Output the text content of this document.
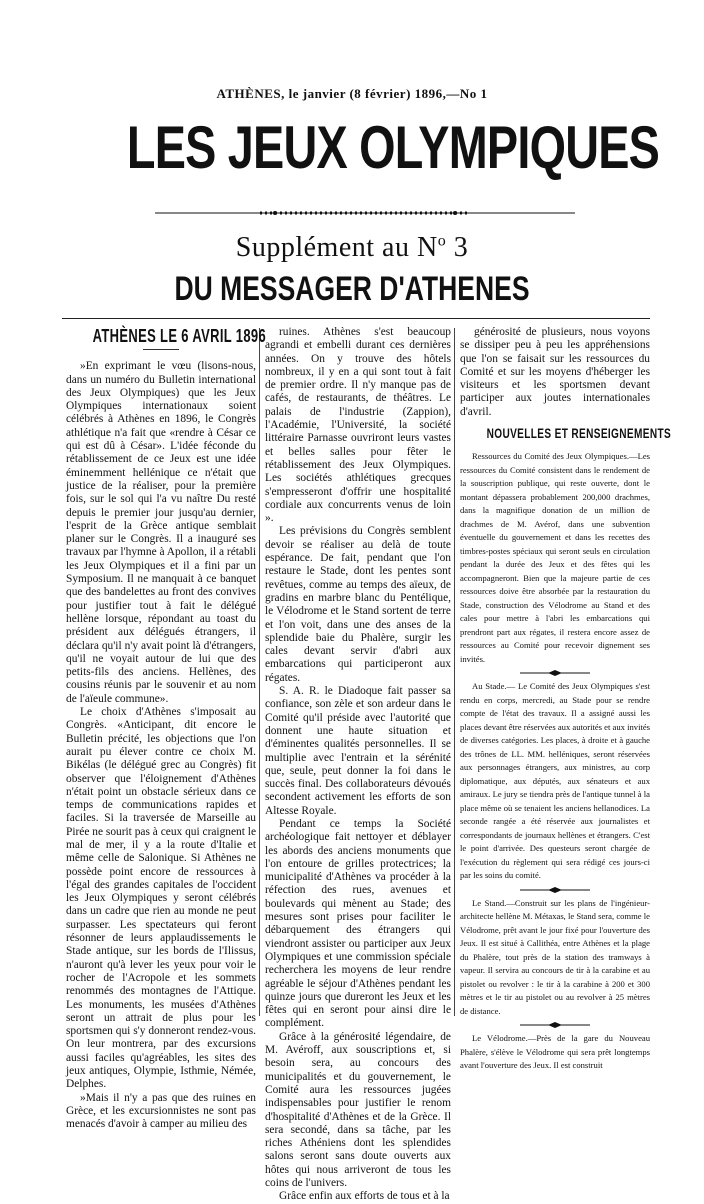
ATHÈNES, le janvier (8 février) 1896,—No 1
LES JEUX OLYMPIQUES
Supplément au $N^o$ 3
DU MESSAGER D'ATHENES
ATHÈNES LE 6 AVRIL 1896

»En exprimant le vœu (lisons-nous, dans un numéro du Bulletin international des Jeux Olympiques) que les Jeux Olympiques internationaux soient célébrés à Athènes en 1896, le Congrès athlétique n'a fait que «rendre à César ce qui est dû à César». L'idée féconde du rétablissement de ce Jeux est une idée éminemment hellénique ce n'était que justice de la réaliser, pour la première fois, sur le sol qui l'a vu naître Du resté depuis le premier jour jusqu'au dernier, l'esprit de la Grèce antique semblait planer sur le Congrès. Il a inauguré ses travaux par l'hymne à Apollon, il a rétabli les Jeux Olympiques et il a fini par un Symposium. Il ne manquait à ce banquet que des bandelettes au front des convives pour justifier tout à fait le délégué hellène lorsque, répondant au toast du président aux délégués étrangers, il déclara qu'il n'y avait point là d'étrangers, qu'il ne voyait autour de lui que des petits-fils des anciens. Hellènes, des cousins réunis par le souvenir et au nom de l'aïeule commune».

Le choix d'Athènes s'imposait au Congrès. «Anticipant, dit encore le Bulletin précité, les objections que l'on aurait pu élever contre ce choix M. Bikélas (le délégué grec au Congrès) fit observer que l'éloignement d'Athènes n'était point un obstacle sérieux dans ce temps de communications rapides et faciles. Si la traversée de Marseille au Pirée ne sourit pas à ceux qui craignent le mal de mer, il y a la route d'Italie et même celle de Salonique. Si Athènes ne possède point encore de ressources à l'égal des grandes capitales de l'occident les Jeux Olympiques y seront célébrés dans un cadre que rien au monde ne peut surpasser. Les spectateurs qui feront résonner de leurs applaudissements le Stade antique, sur les bords de l'Ilissus, n'auront qu'à lever les yeux pour voir le rocher de l'Acropole et les sommets renommés des montagnes de l'Attique. Les monuments, les musées d'Athènes seront un attrait de plus pour les sportsmen qui s'y donneront rendez-vous. On leur montrera, par des excursions aussi faciles qu'agréables, les sites des jeux antiques, Olympie, Isthmie, Némée, Delphes.

»Mais il n'y a pas que des ruines en Grèce, et les excursionnistes ne sont pas menacés d'avoir à camper au milieu des

ruines. Athènes s'est beaucoup agrandi et embelli durant ces dernières années. On y trouve des hôtels nombreux, il y en a qui sont tout à fait de premier ordre. Il n'y manque pas de cafés, de restaurants, de théâtres. Le palais de l'industrie (Zappion), l'Académie, l'Université, la société littéraire Parnasse ouvriront leurs vastes et belles salles pour fêter le rétablissement des Jeux Olympiques. Les sociétés athlétiques grecques s'empresseront d'offrir une hospitalité cordiale aux concurrents venus de loin ».

Les prévisions du Congrès semblent devoir se réaliser au delà de toute espérance. De fait, pendant que l'on restaure le Stade, dont les pentes sont revêtues, comme au temps des aïeux, de gradins en marbre blanc du Pentélique, le Vélodrome et le Stand sortent de terre et l'on voit, dans une des anses de la splendide baie du Phalère, surgir les cales devant servir d'abri aux embarcations qui participeront aux régates.

S. A. R. le Diadoque fait passer sa confiance, son zèle et son ardeur dans le Comité qu'il préside avec l'autorité que donnent une haute situation et d'éminentes qualités personnelles. Il se multiplie avec l'entrain et la sérénité que, seule, peut donner la foi dans le succès final. Des collaborateurs dévoués secondent activement les efforts de son Altesse Royale.

Pendant ce temps la Société archéologique fait nettoyer et déblayer les abords des anciens monuments que l'on entoure de grilles protectrices; la municipalité d'Athènes va procéder à la réfection des rues, avenues et boulevards qui mènent au Stade; des mesures sont prises pour faciliter le débarquement des étrangers qui viendront assister ou participer aux Jeux Olympiques et une commission spéciale recherchera les moyens de leur rendre agréable le séjour d'Athènes pendant les quinze jours que dureront les Jeux et les fêtes qui en seront pour ainsi dire le complément.

Grâce à la générosité légendaire, de M. Avéroff, aux souscriptions et, si besoin sera, au concours des municipalités et du gouvernement, le Comité aura les ressources jugées indispensables pour justifier le renom d'hospitalité d'Athènes et de la Grèce. Il sera secondé, dans sa tâche, par les riches Athéniens dont les splendides salons seront sans doute ouverts aux hôtes qui nous arriveront de tous les coins de l'univers.

Grâce enfin aux efforts de tous et à la

générosité de plusieurs, nous voyons se dissiper peu à peu les appréhensions que l'on se faisait sur les ressources du Comité et sur les moyens d'héberger les visiteurs et les sportsmen devant participer aux joutes internationales d'avril.

NOUVELLES ET RENSEIGNEMENTS

Ressources du Comité des Jeux Olympiques.—Les ressources du Comité consistent dans le rendement de la souscription publique, qui reste ouverte, dont le montant dépassera probablement 200,000 drachmes, dans la magnifique donation de un million de drachmes de M. Avérof, dans une subvention éventuelle du gouvernement et dans les recettes des timbres-postes spéciaux qui seront seuls en circulation pendant la durée des Jeux et des fêtes qui les accompagneront. Bien que la majeure partie de ces ressources doive être absorbée par la restauration du Stade, construction des Vélodrome au Stand et des cales pour mettre à l'abri les embarcations qui prendront part aux régates, il restera encore assez de ressources au Comité pour recevoir dignement ses invités.

Au Stade.— Le Comité des Jeux Olympiques s'est rendu en corps, mercredi, au Stade pour se rendre compte de l'état des travaux. Il a assigné aussi les places devant être réservées aux autorités et aux invités de diverses catégories. Les places, à droite et à gauche des trônes de LL. MM. helléniques, seront réservées aux personnages étrangers, aux ministres, au corp diplomatique, aux députés, aux sénateurs et aux amiraux. Le jury se tiendra près de l'antique tunnel à la place même où se tenaient les anciens hellanodices. La seconde rangée a été réservée aux journalistes et correspondants de journaux hellènes et étrangers. C'est le point d'arrivée. Des questeurs seront chargée de l'exécution du règlement qui sera rédigé ces jours-ci par les soins du comité.

Le Stand.—Construit sur les plans de l'ingénieur-architecte hellène M. Métaxas, le Stand sera, comme le Vélodrome, prêt avant le jour fixé pour l'ouverture des Jeux. Il est situé à Callithéa, entre Athènes et la plage du Phalère, tout près de la station des tramways à vapeur. Il servira au concours de tir à la carabine et au pistolet ou revolver : le tir à la carabine à 200 et 300 mètres et le tir au pistolet ou au revolver à 25 mètres de distance.

Le Vélodrome.—Près de la gare du Nouveau Phalère, s'élève le Vélodrome qui sera prêt longtemps avant l'ouverture des Jeux. Il est construit
